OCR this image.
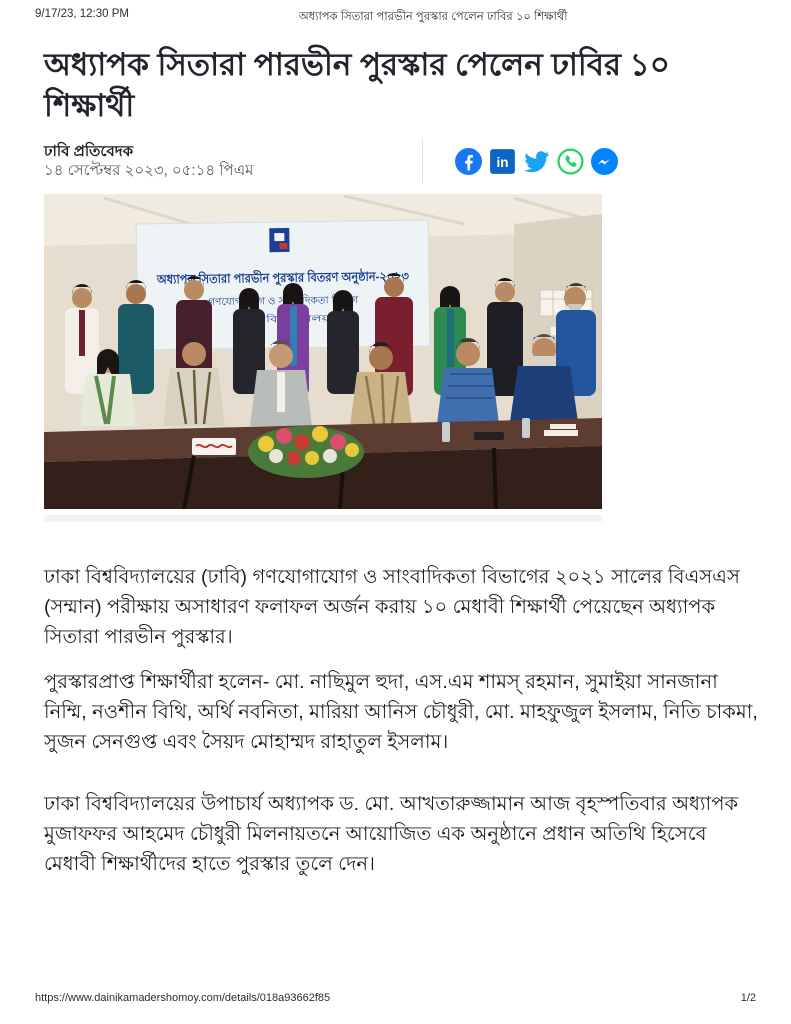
9/17/23, 12:30 PM	অধ্যাপক সিতারা পারভীন পুরস্কার পেলেন ঢাবির ১০ শিক্ষার্থী
অধ্যাপক সিতারা পারভীন পুরস্কার পেলেন ঢাবির ১০ শিক্ষার্থী
ঢাবি প্রতিবেদক
১৪ সেপ্টেম্বর ২০২৩, ০৫:১৪ পিএম	in
অধ্যাপক সিতারা পারভীন পুরস্কার বিতরণ অনুষ্ঠান-২০২৩
গণযোগাযোগ ও সাংবাদিকতা বিভাগ
ঢাকা বিশ্ববিদ্যালয়

ঢাকা বিশ্ববিদ্যালয়ের (ঢাবি) গণযোগাযোগ ও সাংবাদিকতা বিভাগের ২০২১ সালের বিএসএস (সম্মান) পরীক্ষায় অসাধারণ ফলাফল অর্জন করায় ১০ মেধাবী শিক্ষার্থী পেয়েছেন অধ্যাপক সিতারা পারভীন পুরস্কার।

পুরস্কারপ্রাপ্ত শিক্ষার্থীরা হলেন- মো. নাছিমুল হুদা, এস.এম শামস্ রহমান, সুমাইয়া সানজানা নিম্মি, নওশীন বিথি, অর্থি নবনিতা, মারিয়া আনিস চৌধুরী, মো. মাহফুজুল ইসলাম, নিতি চাকমা, সুজন সেনগুপ্ত এবং সৈয়দ মোহাম্মদ রাহাতুল ইসলাম।

ঢাকা বিশ্ববিদ্যালয়ের উপাচার্য অধ্যাপক ড. মো. আখতারুজ্জামান আজ বৃহস্পতিবার অধ্যাপক মুজাফফর আহমেদ চৌধুরী মিলনায়তনে আয়োজিত এক অনুষ্ঠানে প্রধান অতিথি হিসেবে মেধাবী শিক্ষার্থীদের হাতে পুরস্কার তুলে দেন।

https://www.dainikamadershomoy.com/details/018a93662f85	1/2
